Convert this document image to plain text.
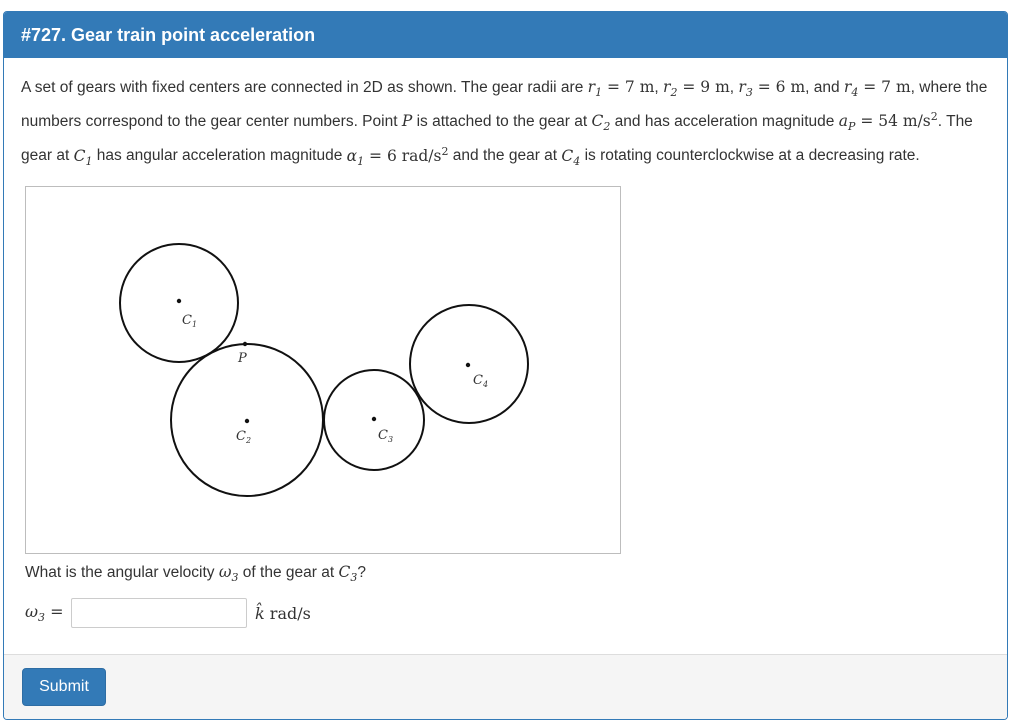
#727. Gear train point acceleration

A set of gears with fixed centers are connected in 2D as shown. The gear radii are $r_1 = 7$ m, $r_2 = 9$ m, $r_3 = 6$ m, and $r_4 = 7$ m, where the numbers correspond to the gear center numbers. Point P is attached to the gear at $C_2$ and has acceleration magnitude $a_P = 54$ $m/s^2$. The gear at $C_1$ has angular acceleration magnitude $\alpha_1 = 6$ rad/$s^2$ and the gear at $C_4$ is rotating counterclockwise at a decreasing rate.

$C_1$
P
$C_2$	$C_3$
$C_4$
What is the angular velocity $\omega_3$ of the gear at $C_3$?
$\omega_3$ =	k̂ rad/s
Submit
